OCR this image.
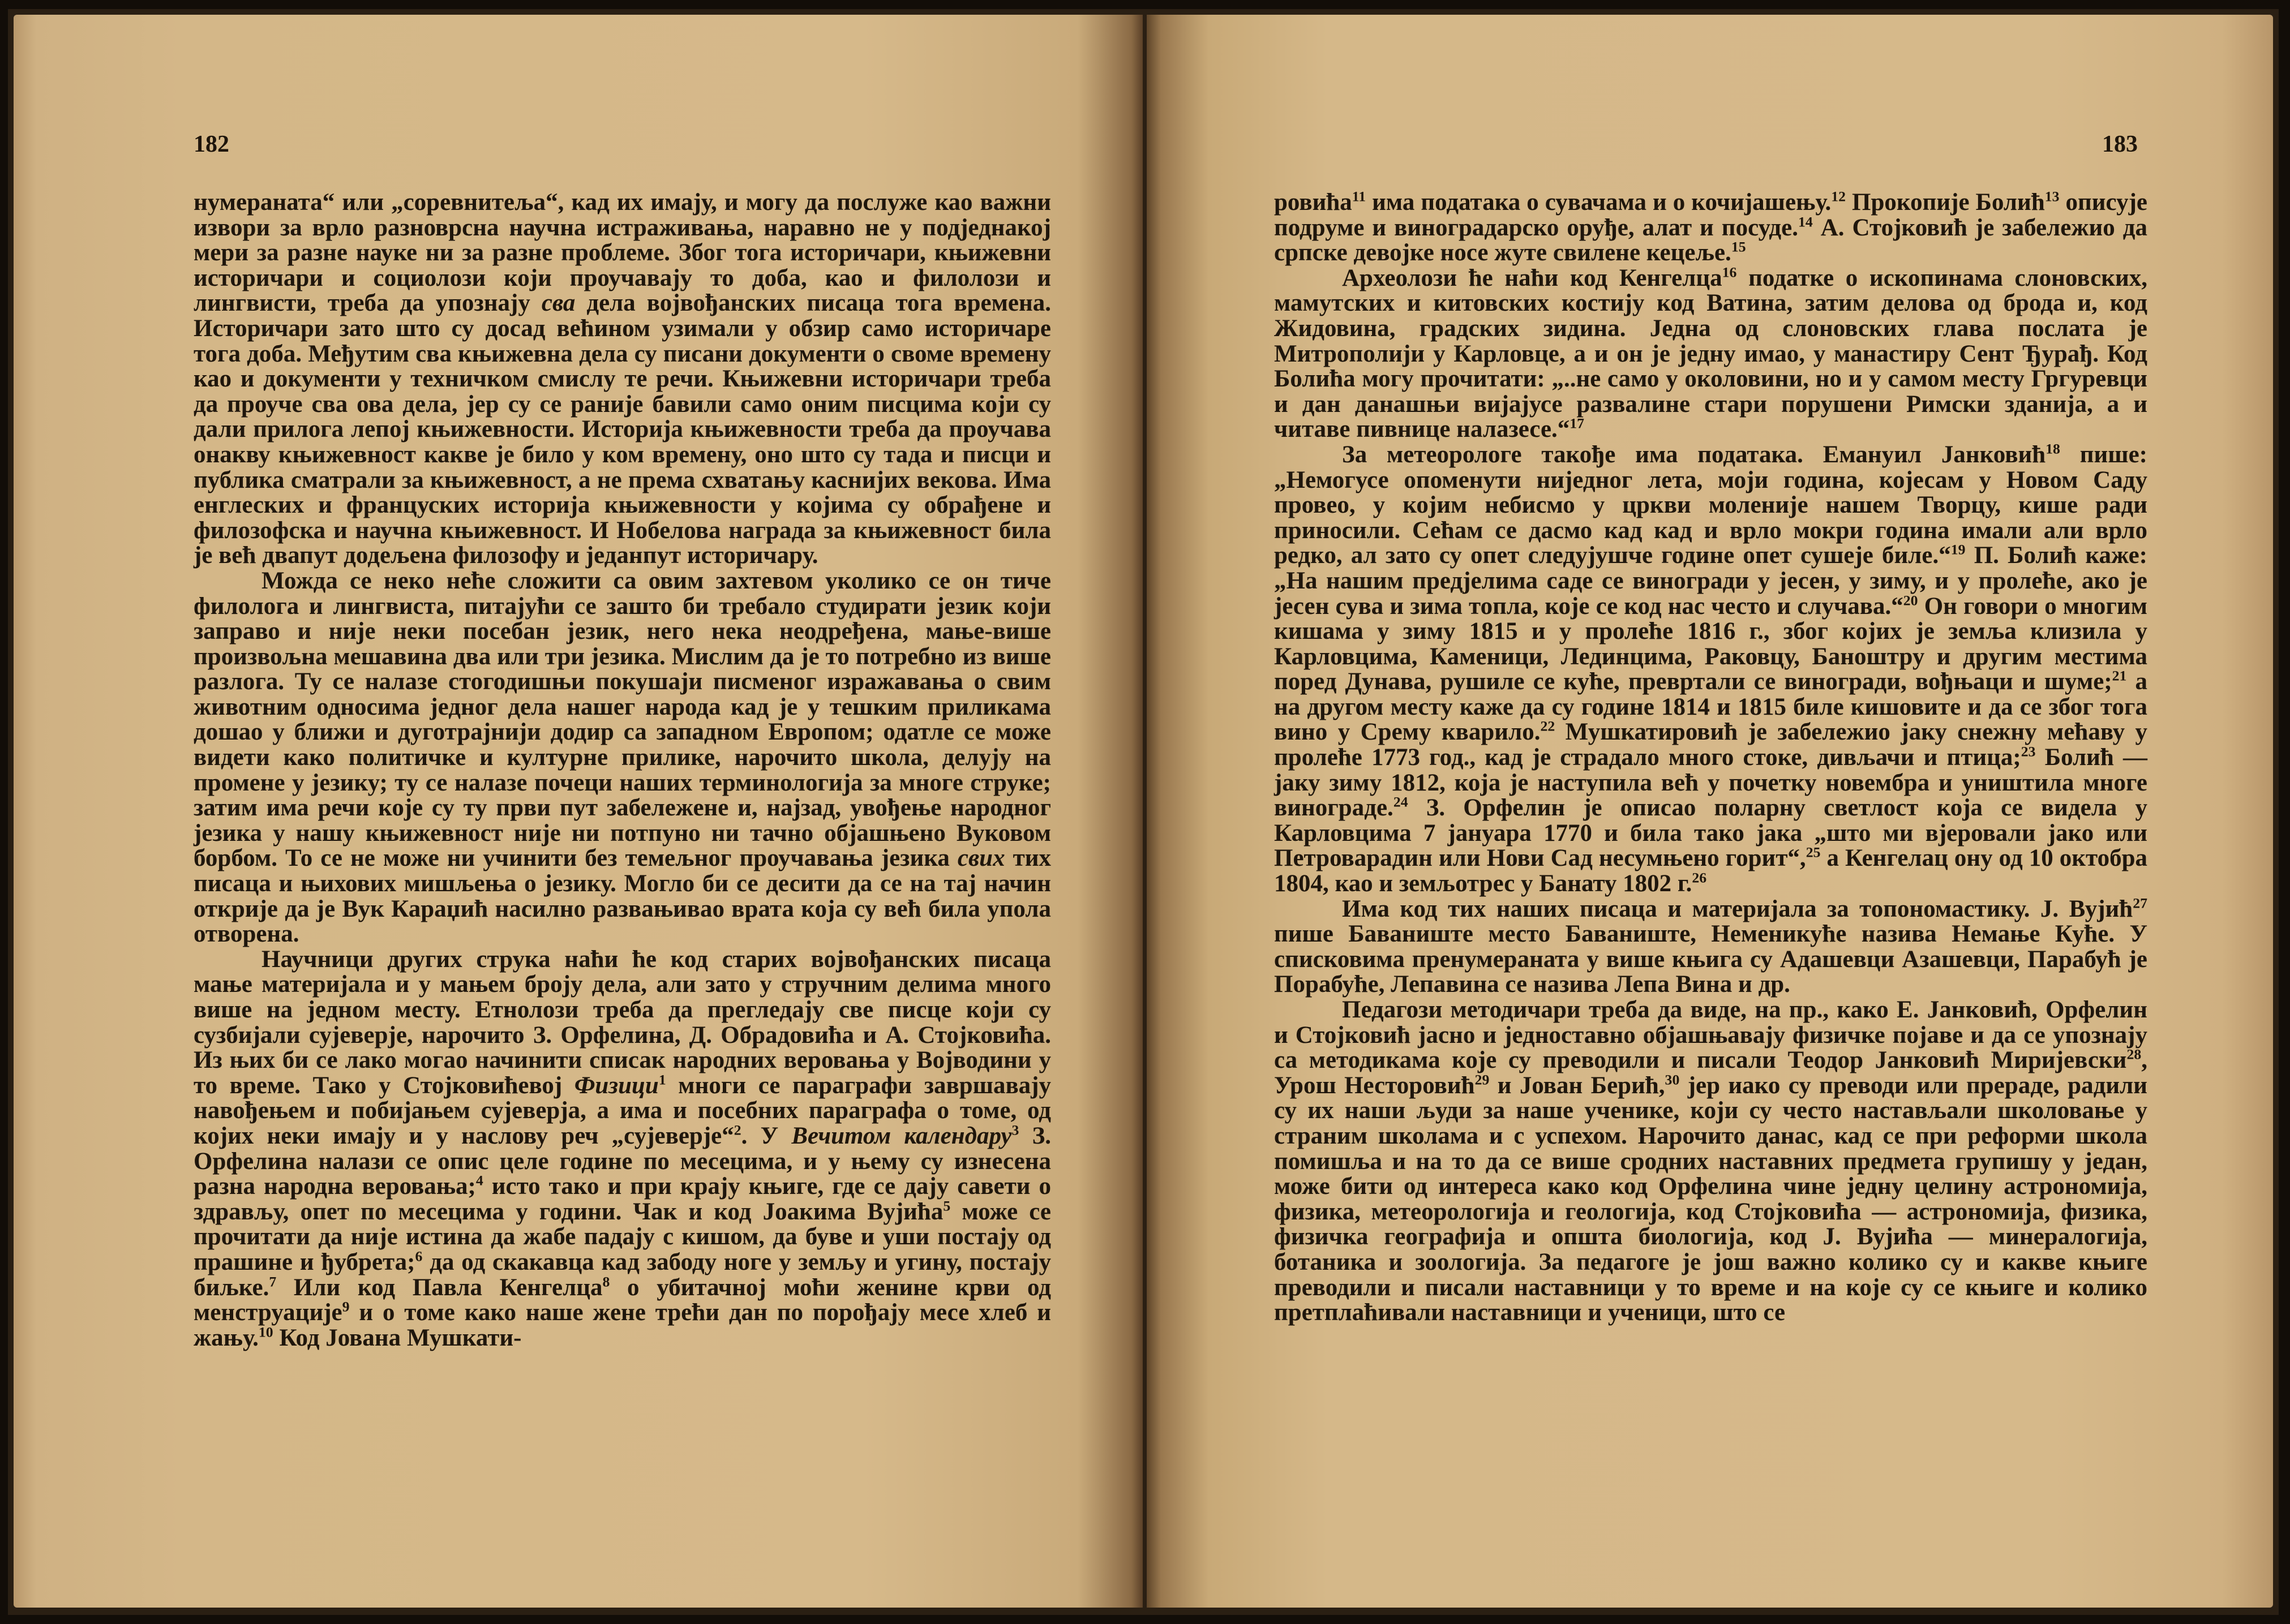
182

нумераната“ или „соревнитеља“, кад их имају, и могу да послуже као важни извори за врло разноврсна научна истраживања, наравно не у подједнакој мери за разне науке ни за разне проблеме. Због тога историчари, књижевни историчари и социолози који проучавају то доба, као и филолози и лингвисти, треба да упознају сва дела војвођанских писаца тога времена. Историчари зато што су досад већином узимали у обзир само историчаре тога доба. Међутим сва књижевна дела су писани документи о своме времену као и документи у техничком смислу те речи. Књижевни историчари треба да проуче сва ова дела, јер су се раније бавили само оним писцима који су дали прилога лепој књижевности. Историја књижевности треба да проучава онакву књижевност какве је било у ком времену, оно што су тада и писци и публика сматрали за књижевност, а не према схватању каснијих векова. Има енглеских и француских историја књижевности у којима су обрађене и филозофска и научна књижевност. И Нобелова награда за књижевност била је већ двапут додељена филозофу и једанпут историчару.

Можда се неко неће сложити са овим захтевом уколико се он тиче филолога и лингвиста, питајући се зашто би требало студирати језик који заправо и није неки посебан језик, него нека неодређена, мање-више произвољна мешавина два или три језика. Мислим да је то потребно из више разлога. Ту се налазе стогодишњи покушаји писменог изражавања о свим животним односима једног дела нашег народа кад је у тешким приликама дошао у ближи и дуготрајнији додир са западном Европом; одатле се може видети како политичке и културне прилике, нарочито школа, делују на промене у језику; ту се налазе почеци наших терминологија за многе струке; затим има речи које су ту први пут забележене и, најзад, увођење народног језика у нашу књижевност није ни потпуно ни тачно објашњено Вуковом борбом. То се не може ни учинити без темељног проучавања језика свих тих писаца и њихових мишљења о језику. Могло би се десити да се на тај начин открије да је Вук Караџић насилно развањивао врата која су већ била упола отворена.

Научници других струка наћи ће код старих војвођанских писаца мање материјала и у мањем броју дела, али зато у стручним делима много више на једном месту. Етнолози треба да прегледају све писце који су сузбијали сујеверје, нарочито З. Орфелина, Д. Обрадовића и А. Стојковића. Из њих би се лако могао начинити списак народних веровања у Војводини у то време. Тако у Стојковићевој Физици$^1$ многи се параграфи завршавају навођењем и побијањем сујеверја, а има и посебних параграфа о томе, од којих неки имају и у наслову реч „сујеверје“$^2$. У Вечитом календару$^3$ З. Орфелина налази се опис целе године по месецима, и у њему су изнесена разна народна веровања;$^4$ исто тако и при крају књиге, где се дају савети о здрављу, опет по месецима у години. Чак и код Јоакима Вујића$^5$ може се прочитати да није истина да жабе падају с кишом, да буве и уши постају од прашине и ђубрета;$^6$ да од скакавца кад забоду ноге у земљу и угину, постају биљке.$^7$ Или код Павла Кенгелца$^8$ о убитачној моћи женине крви од менструације$^9$ и о томе како наше жене трећи дан по порођају месе хлеб и жању.$^{10}$ Код Јована Мушкати-

183

ровића$^{11}$ има података о сувачама и о кочијашењу.$^{12}$ Прокопије Болић$^{13}$ описује подруме и виноградарско оруђе, алат и посуде.$^{14}$ А. Стојковић је забележио да српске девојке носе жуте свилене кецеље.$^{15}$

Археолози ће наћи код Кенгелца$^{16}$ податке о ископинама слоновских, мамутских и китовских костију код Ватина, затим делова од брода и, код Жидовина, градских зидина. Једна од слоновских глава послата је Митрополији у Карловце, а и он је једну имао, у манастиру Сент Ђурађ. Код Болића могу прочитати: „..не само у околовини, но и у самом месту Гргуревци и дан данашњи вијајусе развалине стари порушени Римски зданија, а и читаве пивнице налазесе.“$^{17}$

За метеорологе такође има података. Емануил Јанковић$^{18}$ пише: „Немогусе опоменути ниједног лета, моји година, којесам у Новом Саду провео, у којим небисмо у цркви моленије нашем Творцу, кише ради приносили. Сећам се дасмо кад кад и врло мокри година имали али врло редко, ал зато су опет следујушче године опет сушеје биле.“$^{19}$ П. Болић каже: „На нашим предјелима саде се виногради у јесен, у зиму, и у пролеће, ако је јесен сува и зима топла, које се код нас често и случава.“$^{20}$ Он говори о многим кишама у зиму 1815 и у пролеће 1816 г., због којих је земља клизила у Карловцима, Каменици, Лединцима, Раковцу, Баноштру и другим местима поред Дунава, рушиле се куће, превртали се виногради, вођњаци и шуме;$^{21}$ а на другом месту каже да су године 1814 и 1815 биле кишовите и да се због тога вино у Срему кварило.$^{22}$ Мушкатировић је забележио јаку снежну мећаву у пролеће 1773 год., кад је страдало много стоке, дивљачи и птица;$^{23}$ Болић — јаку зиму 1812, која је наступила већ у почетку новембра и уништила многе винограде.$^{24}$ З. Орфелин је описао поларну светлост која се видела у Карловцима 7 јануара 1770 и била тако јака „што ми вјеровали јако или Петроварадин или Нови Сад несумњено горит“,$^{25}$ а Кенгелац ону од 10 октобра 1804, као и земљотрес у Банату 1802 г.$^{26}$

Има код тих наших писаца и материјала за топономастику. Ј. Вујић$^{27}$ пише Бавaниште место Бaвaниште, Неменикуће назива Немање Куће. У списковима пренумераната у више књига су Адашевци Азашевци, Парабућ је Порабуће, Лепавина се назива Лепа Вина и др.

Педагози методичари треба да виде, на пр., како Е. Јанковић, Орфелин и Стојковић јасно и једноставно објашњавају физичке појаве и да се упознају са методикама које су преводили и писали Теодор Јанковић Миријевски$^{28}$, Урош Несторовић$^{29}$ и Јован Берић,$^{30}$ јер иако су преводи или прераде, радили су их наши људи за наше ученике, који су често настављали школовање у страним школама и с успехом. Нарочито данас, кад се при реформи школа помишља и на то да се више сродних наставних предмета групишу у један, може бити од интереса како код Орфелина чине једну целину астрономија, физика, метеорологија и геологија, код Стојковића — астрономија, физика, физичка географија и општа биологија, код Ј. Вујића — минералогија, ботаника и зоологија. За педагоге је још важно колико су и какве књиге преводили и писали наставници у то време и на које су се књиге и колико претплаћивали наставници и ученици, што се
